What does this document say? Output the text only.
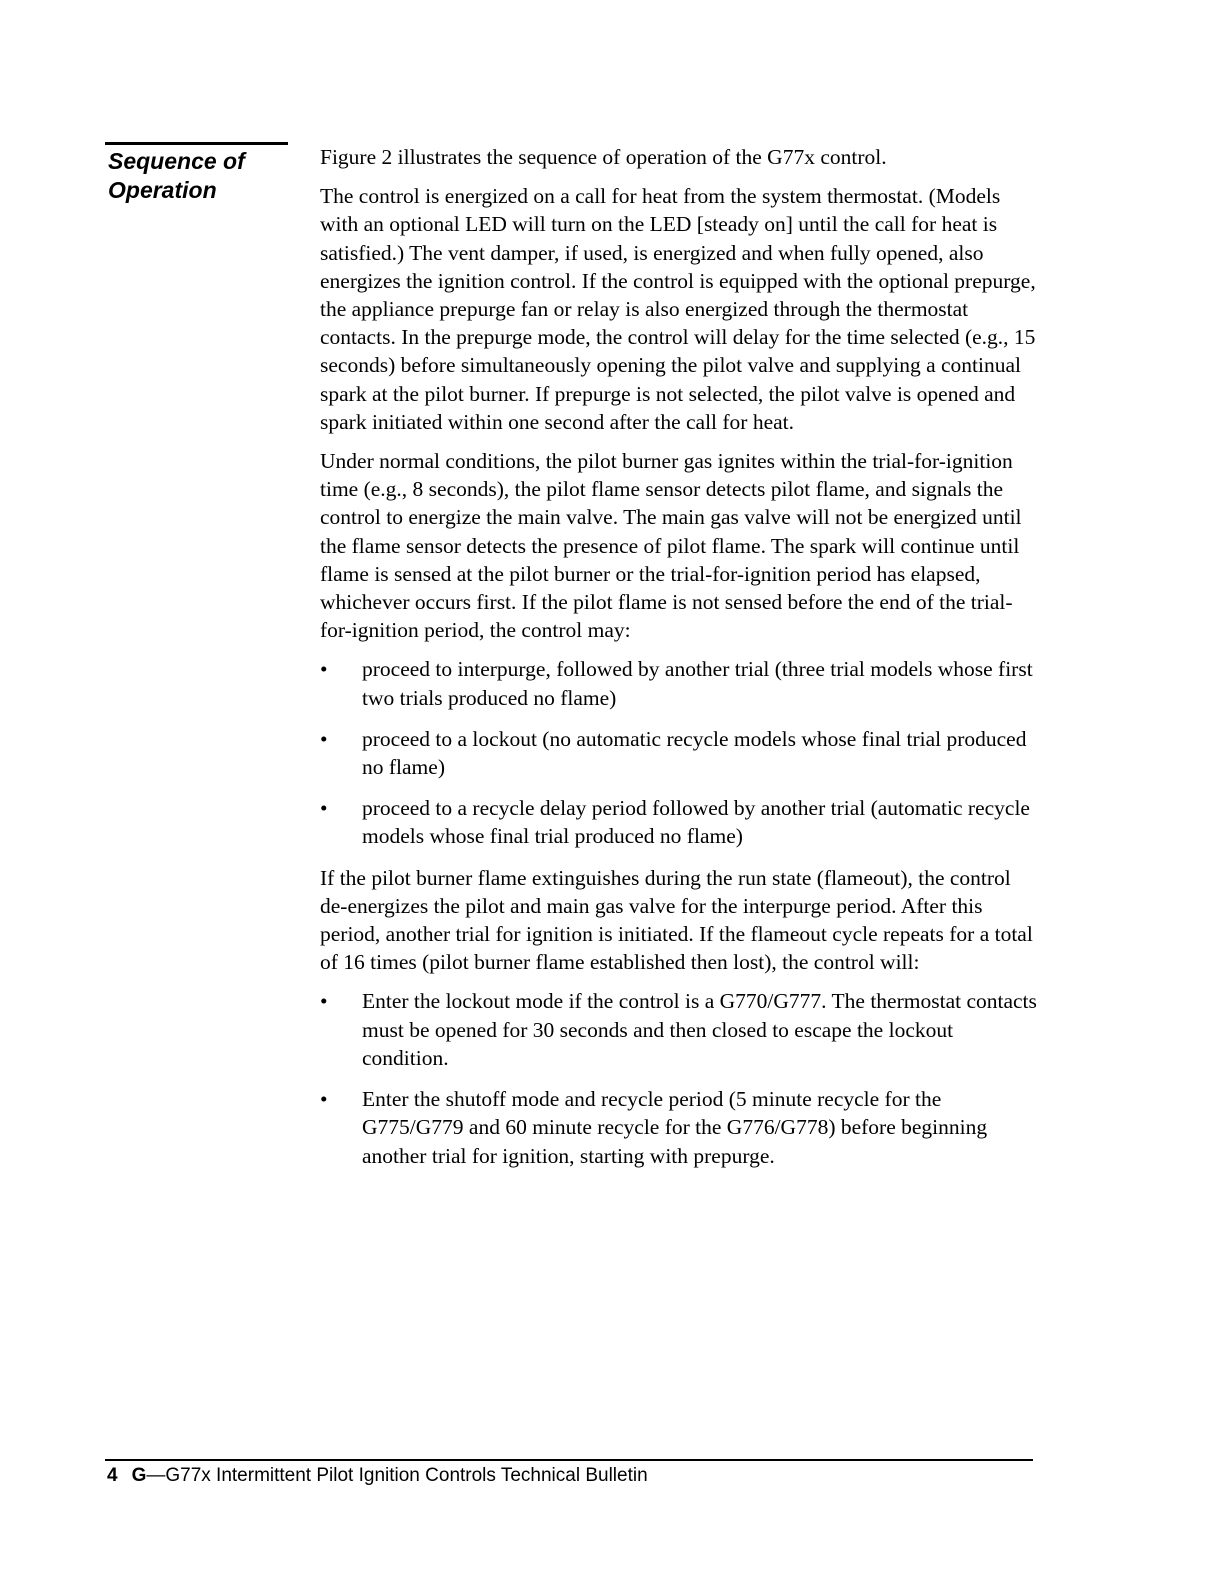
Sequence of
Operation

Figure 2 illustrates the sequence of operation of the G77x control.

The control is energized on a call for heat from the system thermostat. (Models with an optional LED will turn on the LED [steady on] until the call for heat is satisfied.) The vent damper, if used, is energized and when fully opened, also energizes the ignition control. If the control is equipped with the optional prepurge, the appliance prepurge fan or relay is also energized through the thermostat contacts. In the prepurge mode, the control will delay for the time selected (e.g., 15 seconds) before simultaneously opening the pilot valve and supplying a continual spark at the pilot burner. If prepurge is not selected, the pilot valve is opened and spark initiated within one second after the call for heat.

Under normal conditions, the pilot burner gas ignites within the trial-for-ignition time (e.g., 8 seconds), the pilot flame sensor detects pilot flame, and signals the control to energize the main valve. The main gas valve will not be energized until the flame sensor detects the presence of pilot flame. The spark will continue until flame is sensed at the pilot burner or the trial-for-ignition period has elapsed, whichever occurs first. If the pilot flame is not sensed before the end of the trial-for-ignition period, the control may:

• proceed to interpurge, followed by another trial (three trial models whose first two trials produced no flame)
• proceed to a lockout (no automatic recycle models whose final trial produced no flame)
• proceed to a recycle delay period followed by another trial (automatic recycle models whose final trial produced no flame)

If the pilot burner flame extinguishes during the run state (flameout), the control de-energizes the pilot and main gas valve for the interpurge period. After this period, another trial for ignition is initiated. If the flameout cycle repeats for a total of 16 times (pilot burner flame established then lost), the control will:

• Enter the lockout mode if the control is a G770/G777. The thermostat contacts must be opened for 30 seconds and then closed to escape the lockout condition.
• Enter the shutoff mode and recycle period (5 minute recycle for the G775/G779 and 60 minute recycle for the G776/G778) before beginning another trial for ignition, starting with prepurge.
4 G—G77x Intermittent Pilot Ignition Controls Technical Bulletin
